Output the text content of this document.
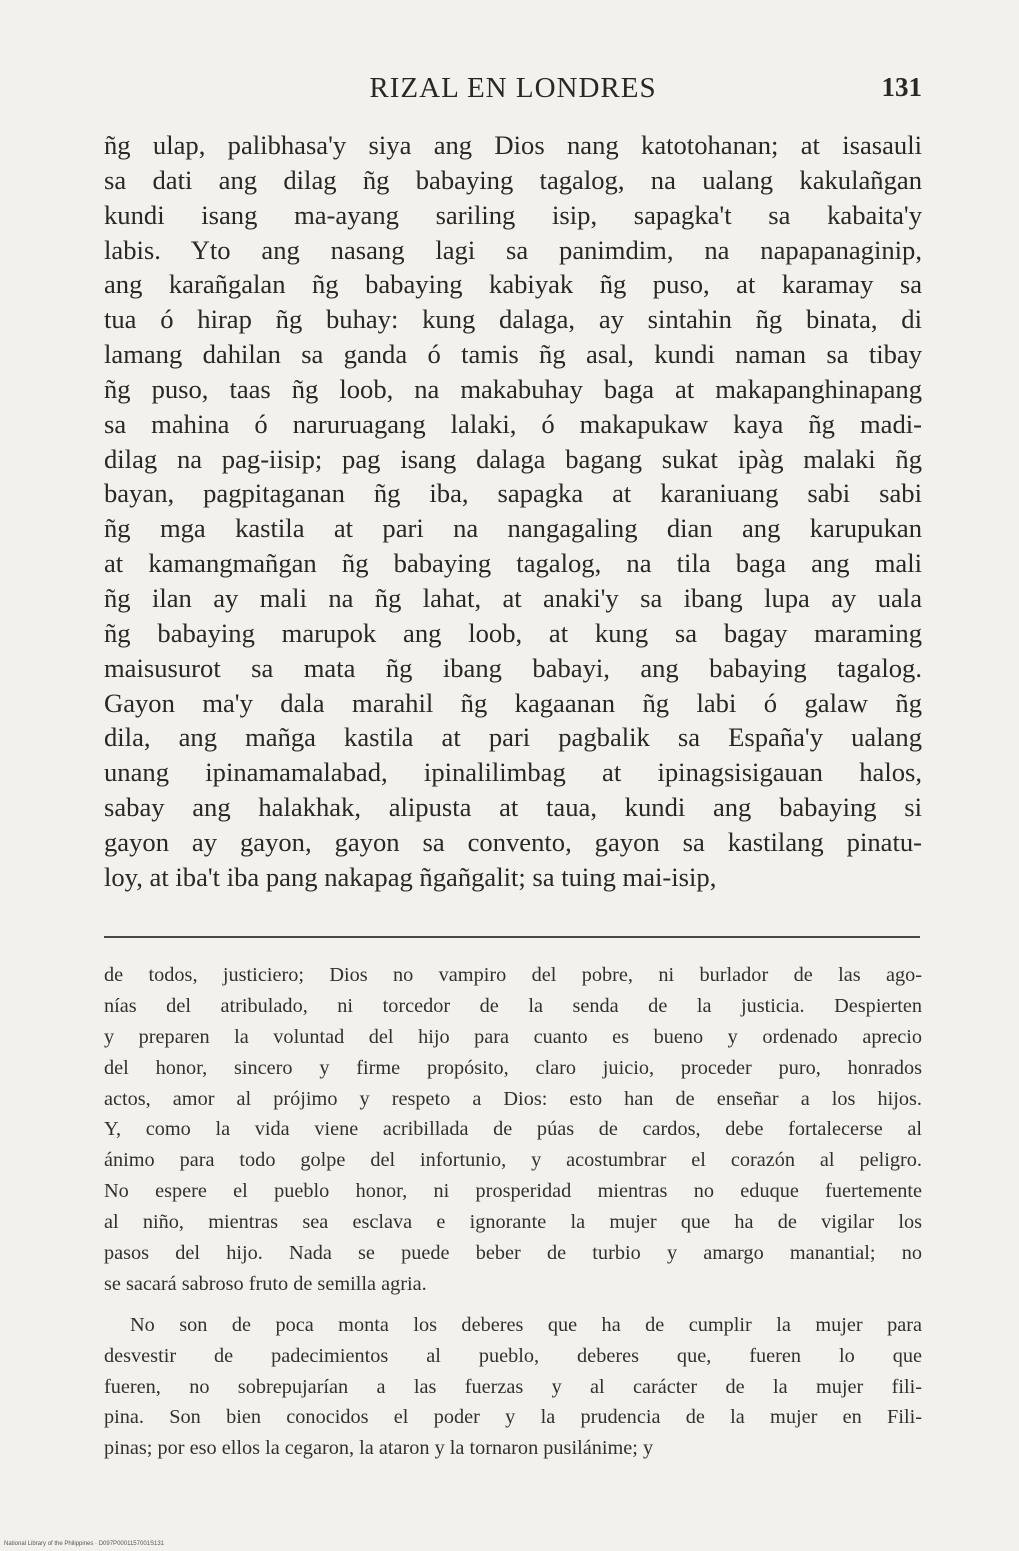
RIZAL EN LONDRES	131
ñg ulap, palibhasa'y siya ang Dios nang katotohanan; at isasauli
sa dati ang dilag ñg babaying tagalog, na ualang kakulañgan
kundi isang ma-ayang sariling isip, sapagka't sa kabaita'y
labis. Yto ang nasang lagi sa panimdim, na napapanaginip,
ang karañgalan ñg babaying kabiyak ñg puso, at karamay sa
tua ó hirap ñg buhay: kung dalaga, ay sintahin ñg binata, di
lamang dahilan sa ganda ó tamis ñg asal, kundi naman sa tibay
ñg puso, taas ñg loob, na makabuhay baga at makapanghinapang
sa mahina ó naruruagang lalaki, ó makapukaw kaya ñg madi-
dilag na pag-iisip; pag isang dalaga bagang sukat ipàg malaki ñg
bayan, pagpitaganan ñg iba, sapagka at karaniuang sabi sabi
ñg mga kastila at pari na nangagaling dian ang karupukan
at kamangmañgan ñg babaying tagalog, na tila baga ang mali
ñg ilan ay mali na ñg lahat, at anaki'y sa ibang lupa ay uala
ñg babaying marupok ang loob, at kung sa bagay maraming
maisusurot sa mata ñg ibang babayi, ang babaying tagalog.
Gayon ma'y dala marahil ñg kagaanan ñg labi ó galaw ñg
dila, ang mañga kastila at pari pagbalik sa España'y ualang
unang ipinamamalabad, ipinalilimbag at ipinagsisigauan halos,
sabay ang halakhak, alipusta at taua, kundi ang babaying si
gayon ay gayon, gayon sa convento, gayon sa kastilang pinatu-
loy, at iba't iba pang nakapag ñgañgalit; sa tuing mai-isip,
de todos, justiciero; Dios no vampiro del pobre, ni burlador de las ago-
nías del atribulado, ni torcedor de la senda de la justicia. Despierten
y preparen la voluntad del hijo para cuanto es bueno y ordenado aprecio
del honor, sincero y firme propósito, claro juicio, proceder puro, honrados
actos, amor al prójimo y respeto a Dios: esto han de enseñar a los hijos.
Y, como la vida viene acribillada de púas de cardos, debe fortalecerse al
ánimo para todo golpe del infortunio, y acostumbrar el corazón al peligro.
No espere el pueblo honor, ni prosperidad mientras no eduque fuertemente
al niño, mientras sea esclava e ignorante la mujer que ha de vigilar los
pasos del hijo. Nada se puede beber de turbio y amargo manantial; no
se sacará sabroso fruto de semilla agria.
No son de poca monta los deberes que ha de cumplir la mujer para
desvestir de padecimientos al pueblo, deberes que, fueren lo que
fueren, no sobrepujarían a las fuerzas y al carácter de la mujer fili-
pina. Son bien conocidos el poder y la prudencia de la mujer en Fili-
pinas; por eso ellos la cegaron, la ataron y la tornaron pusilánime; y
National Library of the Philippines · D097P0001157001S131
